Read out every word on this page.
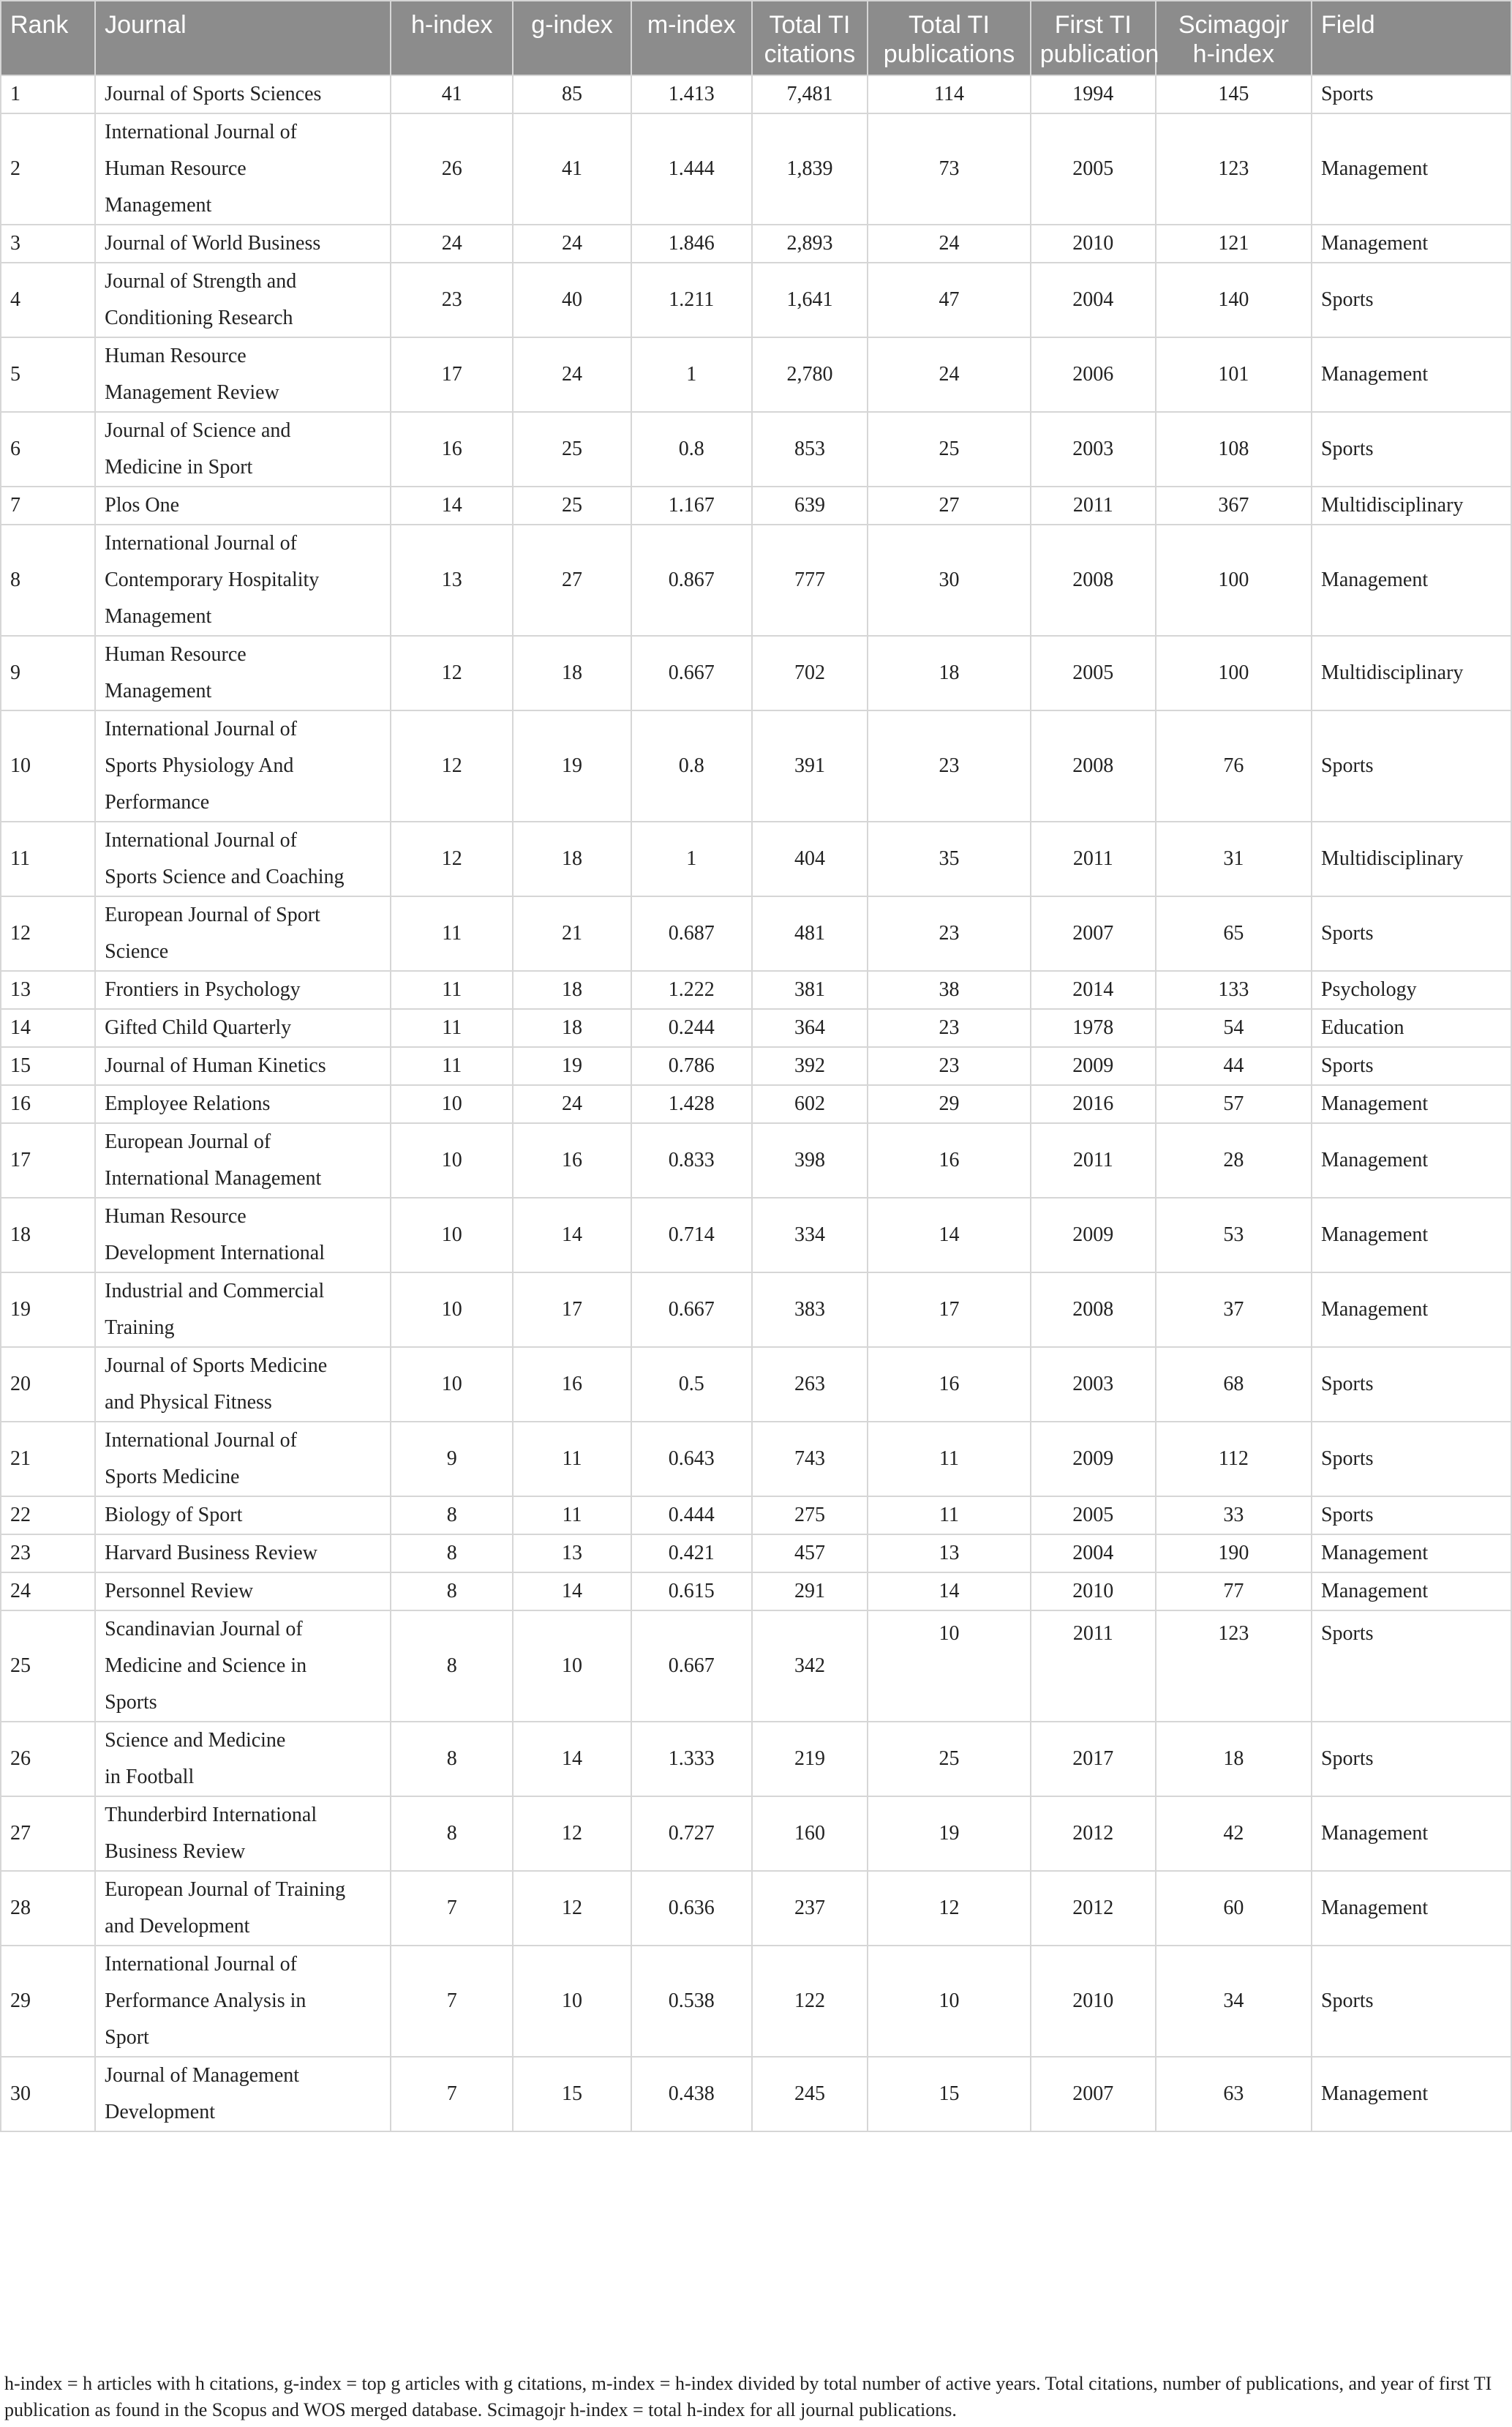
Rank	Journal	h-index	g-index	m-index	Total TI citations	Total TI publications	First TI publication	Scimagojr h-index	Field
1	Journal of Sports Sciences	41	85	1.413	7,481	114	1994	145	Sports
2	International Journal of
Human Resource
Management	26	41	1.444	1,839	73	2005	123	Management
3	Journal of World Business	24	24	1.846	2,893	24	2010	121	Management
4	Journal of Strength and
Conditioning Research	23	40	1.211	1,641	47	2004	140	Sports
5	Human Resource
Management Review	17	24	1	2,780	24	2006	101	Management
6	Journal of Science and
Medicine in Sport	16	25	0.8	853	25	2003	108	Sports
7	Plos One	14	25	1.167	639	27	2011	367	Multidisciplinary
8	International Journal of
Contemporary Hospitality
Management	13	27	0.867	777	30	2008	100	Management
9	Human Resource
Management	12	18	0.667	702	18	2005	100	Multidisciplinary
10	International Journal of
Sports Physiology And
Performance	12	19	0.8	391	23	2008	76	Sports
11	International Journal of
Sports Science and Coaching	12	18	1	404	35	2011	31	Multidisciplinary
12	European Journal of Sport
Science	11	21	0.687	481	23	2007	65	Sports
13	Frontiers in Psychology	11	18	1.222	381	38	2014	133	Psychology
14	Gifted Child Quarterly	11	18	0.244	364	23	1978	54	Education
15	Journal of Human Kinetics	11	19	0.786	392	23	2009	44	Sports
16	Employee Relations	10	24	1.428	602	29	2016	57	Management
17	European Journal of
International Management	10	16	0.833	398	16	2011	28	Management
18	Human Resource
Development International	10	14	0.714	334	14	2009	53	Management
19	Industrial and Commercial
Training	10	17	0.667	383	17	2008	37	Management
20	Journal of Sports Medicine
and Physical Fitness	10	16	0.5	263	16	2003	68	Sports
21	International Journal of
Sports Medicine	9	11	0.643	743	11	2009	112	Sports
22	Biology of Sport	8	11	0.444	275	11	2005	33	Sports
23	Harvard Business Review	8	13	0.421	457	13	2004	190	Management
24	Personnel Review	8	14	0.615	291	14	2010	77	Management
25	Scandinavian Journal of
Medicine and Science in
Sports	8	10	0.667	342	10	2011	123	Sports
26	Science and Medicine
in Football	8	14	1.333	219	25	2017	18	Sports
27	Thunderbird International
Business Review	8	12	0.727	160	19	2012	42	Management
28	European Journal of Training
and Development	7	12	0.636	237	12	2012	60	Management
29	International Journal of
Performance Analysis in
Sport	7	10	0.538	122	10	2010	34	Sports
30	Journal of Management
Development	7	15	0.438	245	15	2007	63	Management
h-index = h articles with h citations, g-index = top g articles with g citations, m-index = h-index divided by total number of active years. Total citations, number of publications, and year of first TI publication as found in the Scopus and WOS merged database. Scimagojr h-index = total h-index for all journal publications.
